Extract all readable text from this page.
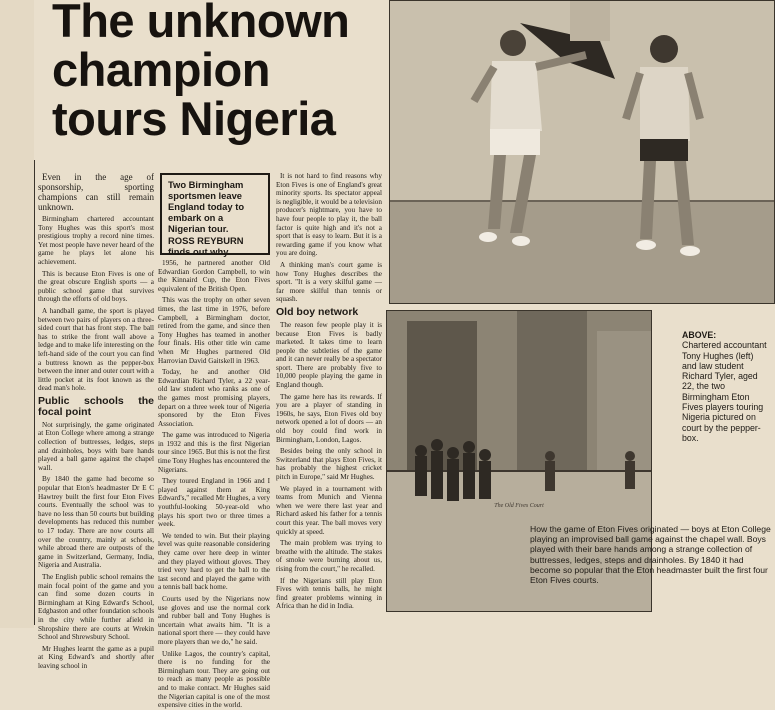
The unknown
champion
tours Nigeria

Even in the age of sponsorship, sporting champions can still remain unknown.

Birmingham chartered accountant Tony Hughes was this sport's most prestigious trophy a record nine times. Yet most people have never heard of the game he plays let alone his achievement.

This is because Eton Fives is one of the great obscure English sports — a public school game that survives through the efforts of old boys.

A handball game, the sport is played between two pairs of players on a three-sided court that has front step. The ball has to strike the front wall above a ledge and to make life interesting on the left-hand side of the court you can find a buttress known as the pepper-box between the inner and outer court with a little pocket at its foot known as the dead man's hole.

Public schools the focal point

Not surprisingly, the game originated at Eton College where among a strange collection of buttresses, ledges, steps and drainholes, boys with bare hands played a ball game against the chapel wall.

By 1840 the game had become so popular that Eton's headmaster Dr E C Hawtrey built the first four Eton Fives courts. Eventually the school was to have no less than 50 courts but building developments has reduced this number to 17 today. There are now courts all over the country, mainly at schools, while abroad there are outposts of the game in Switzerland, Germany, India, Nigeria and Australia.

The English public school remains the main focal point of the game and you can find some dozen courts in Birmingham at King Edward's School, Edgbaston and other foundation schools in the city while further afield in Shropshire there are courts at Wrekin School and Shrewsbury School.

Mr Hughes learnt the game as a pupil at King Edward's and shortly after leaving school in

Two Birmingham sportsmen leave England today to embark on a Nigerian tour.
ROSS REYBURN finds out why.

1956, he partnered another Old Edwardian Gordon Campbell, to win the Kinnaird Cup, the Eton Fives equivalent of the British Open.

This was the trophy on other seven times, the last time in 1976, before Campbell, a Birmingham doctor, retired from the game, and since then Tony Hughes has teamed in another four finals. His other title win came when Mr Hughes partnered Old Harrovian David Gaitskell in 1963.

Today, he and another Old Edwardian Richard Tyler, a 22 year-old law student who ranks as one of the games most promising players, depart on a three week tour of Nigeria sponsored by the Eton Fives Association.

The game was introduced to Nigeria in 1932 and this is the first Nigerian tour since 1965. But this is not the first time Tony Hughes has encountered the Nigerians.

They toured England in 1966 and I played against them at King Edward's," recalled Mr Hughes, a very youthful-looking 50-year-old who plays his sport two or three times a week.

We tended to win. But their playing level was quite reasonable considering they came over here deep in winter and they played without gloves. They tried very hard to get the ball to the last second and played the game with a tennis ball back home.

Courts used by the Nigerians now use gloves and use the normal cork and rubber ball and Tony Hughes is uncertain what awaits him. "It is a national sport there — they could have more players than we do," he said.

Unlike Lagos, the country's capital, there is no funding for the Birmingham tour. They are going out to reach as many people as possible and to make contact. Mr Hughes said the Nigerian capital is one of the most expensive cities in the world.

It is not hard to find reasons why Eton Fives is one of England's great minority sports. Its spectator appeal is negligible, it would be a television producer's nightmare, you have to have four people to play it, the ball factor is quite high and it's not a sport that is easy to learn. But it is a rewarding game if you know what you are doing.

A thinking man's court game is how Tony Hughes describes the sport. "It is a very skilful game — far more skilful than tennis or squash.

Old boy network

The reason few people play it is because Eton Fives is badly marketed. It takes time to learn people the subtleties of the game and it can never really be a spectator sport. There are probably five to 10,000 people playing the game in England though.

The game here has its rewards. If you are a player of standing in 1960s, he says, Eton Fives old boy network opened a lot of doors — an old boy could find work in Birmingham, London, Lagos.

Besides being the only school in Switzerland that plays Eton Fives, it has probably the highest cricket pitch in Europe," said Mr Hughes.

We played in a tournament with teams from Munich and Vienna when we were there last year and Richard asked his father for a tennis court this year. The ball moves very quickly at speed.

The main problem was trying to breathe with the altitude. The stakes of smoke were burning about us, rising from the court," he recalled.

If the Nigerians still play Eton Fives with tennis balls, he might find greater problems winning in Africa than he did in India.

The Old Fives Court
ABOVE:
Chartered accountant Tony Hughes (left) and law student Richard Tyler, aged 22, the two Birmingham Eton Fives players touring Nigeria pictured on court by the pepper-box.
How the game of Eton Fives originated — boys at Eton College playing an improvised ball game against the chapel wall. Boys played with their bare hands among a strange collection of buttresses, ledges, steps and drainholes. By 1840 it had become so popular that the Eton headmaster built the first four Eton Fives courts.
